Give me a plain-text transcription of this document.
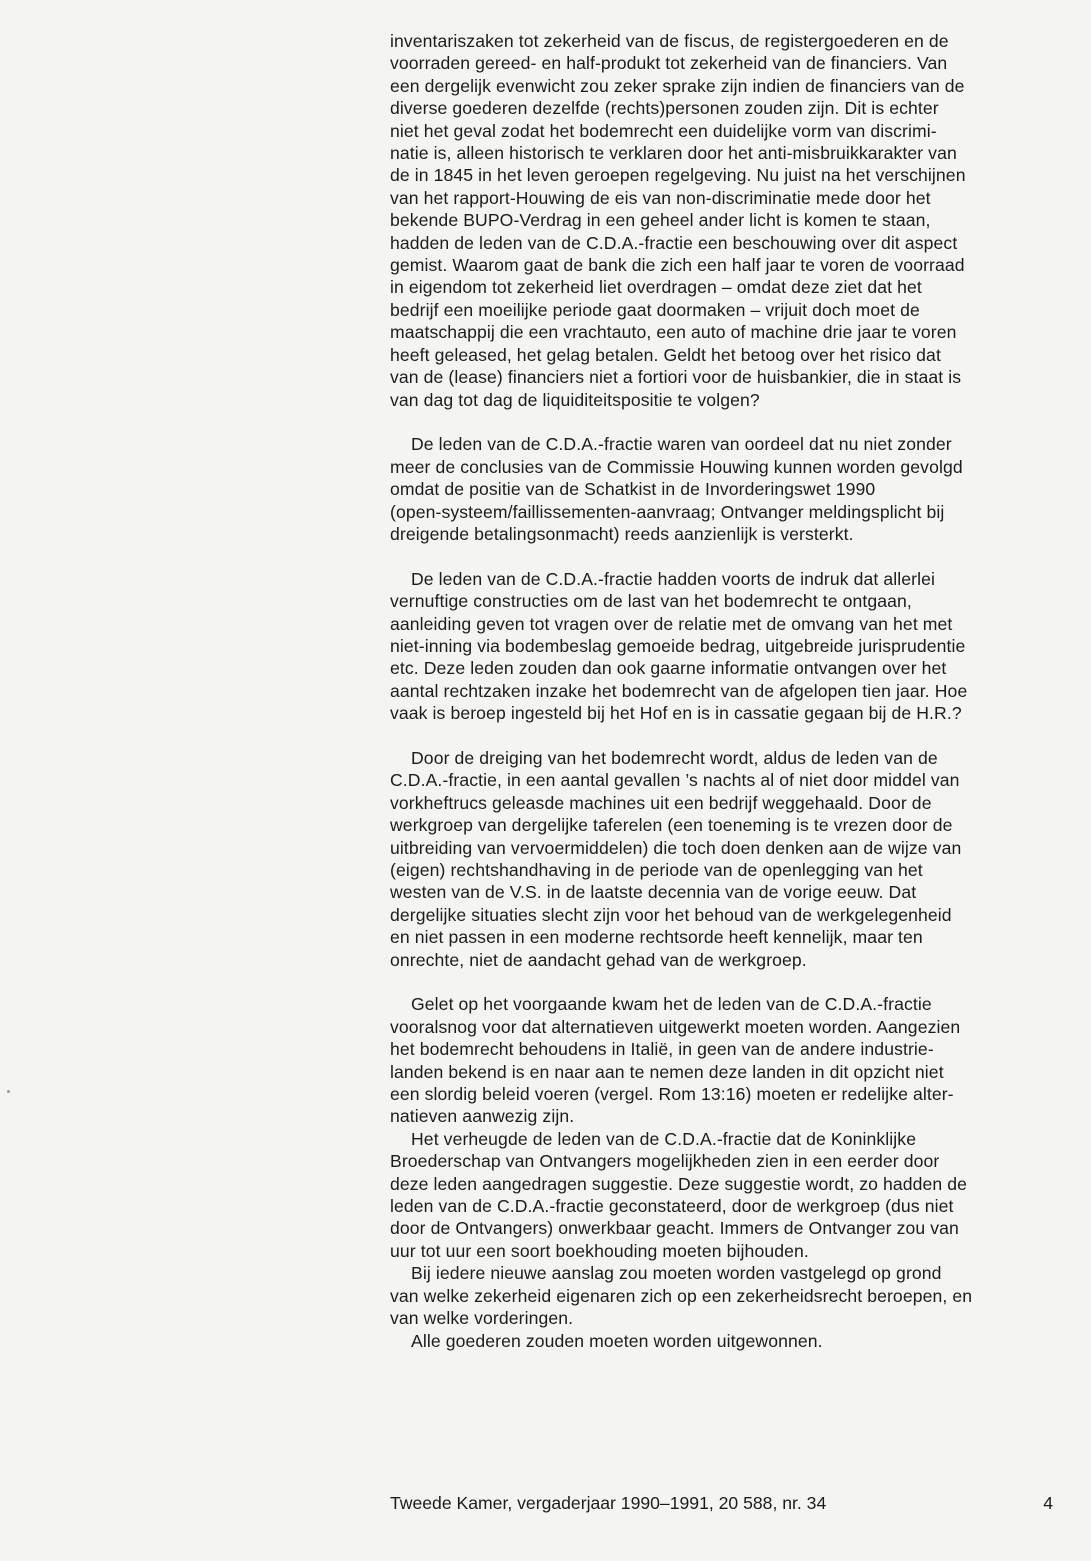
inventariszaken tot zekerheid van de fiscus, de registergoederen en de
voorraden gereed- en half-produkt tot zekerheid van de financiers. Van
een dergelijk evenwicht zou zeker sprake zijn indien de financiers van de
diverse goederen dezelfde (rechts)personen zouden zijn. Dit is echter
niet het geval zodat het bodemrecht een duidelijke vorm van discrimi-
natie is, alleen historisch te verklaren door het anti-misbruikkarakter van
de in 1845 in het leven geroepen regelgeving. Nu juist na het verschijnen
van het rapport-Houwing de eis van non-discriminatie mede door het
bekende BUPO-Verdrag in een geheel ander licht is komen te staan,
hadden de leden van de C.D.A.-fractie een beschouwing over dit aspect
gemist. Waarom gaat de bank die zich een half jaar te voren de voorraad
in eigendom tot zekerheid liet overdragen – omdat deze ziet dat het
bedrijf een moeilijke periode gaat doormaken – vrijuit doch moet de
maatschappij die een vrachtauto, een auto of machine drie jaar te voren
heeft geleased, het gelag betalen. Geldt het betoog over het risico dat
van de (lease) financiers niet a fortiori voor de huisbankier, die in staat is
van dag tot dag de liquiditeitspositie te volgen?
De leden van de C.D.A.-fractie waren van oordeel dat nu niet zonder
meer de conclusies van de Commissie Houwing kunnen worden gevolgd
omdat de positie van de Schatkist in de Invorderingswet 1990
(open-systeem/faillissementen-aanvraag; Ontvanger meldingsplicht bij
dreigende betalingsonmacht) reeds aanzienlijk is versterkt.
De leden van de C.D.A.-fractie hadden voorts de indruk dat allerlei
vernuftige constructies om de last van het bodemrecht te ontgaan,
aanleiding geven tot vragen over de relatie met de omvang van het met
niet-inning via bodembeslag gemoeide bedrag, uitgebreide jurisprudentie
etc. Deze leden zouden dan ook gaarne informatie ontvangen over het
aantal rechtzaken inzake het bodemrecht van de afgelopen tien jaar. Hoe
vaak is beroep ingesteld bij het Hof en is in cassatie gegaan bij de H.R.?
Door de dreiging van het bodemrecht wordt, aldus de leden van de
C.D.A.-fractie, in een aantal gevallen ’s nachts al of niet door middel van
vorkheftrucs geleasde machines uit een bedrijf weggehaald. Door de
werkgroep van dergelijke taferelen (een toeneming is te vrezen door de
uitbreiding van vervoermiddelen) die toch doen denken aan de wijze van
(eigen) rechtshandhaving in de periode van de openlegging van het
westen van de V.S. in de laatste decennia van de vorige eeuw. Dat
dergelijke situaties slecht zijn voor het behoud van de werkgelegenheid
en niet passen in een moderne rechtsorde heeft kennelijk, maar ten
onrechte, niet de aandacht gehad van de werkgroep.
Gelet op het voorgaande kwam het de leden van de C.D.A.-fractie
vooralsnog voor dat alternatieven uitgewerkt moeten worden. Aangezien
het bodemrecht behoudens in Italië, in geen van de andere industrie-
landen bekend is en naar aan te nemen deze landen in dit opzicht niet
een slordig beleid voeren (vergel. Rom 13:16) moeten er redelijke alter-
natieven aanwezig zijn.
Het verheugde de leden van de C.D.A.-fractie dat de Koninklijke
Broederschap van Ontvangers mogelijkheden zien in een eerder door
deze leden aangedragen suggestie. Deze suggestie wordt, zo hadden de
leden van de C.D.A.-fractie geconstateerd, door de werkgroep (dus niet
door de Ontvangers) onwerkbaar geacht. Immers de Ontvanger zou van
uur tot uur een soort boekhouding moeten bijhouden.
Bij iedere nieuwe aanslag zou moeten worden vastgelegd op grond
van welke zekerheid eigenaren zich op een zekerheidsrecht beroepen, en
van welke vorderingen.
Alle goederen zouden moeten worden uitgewonnen.
Tweede Kamer, vergaderjaar 1990–1991, 20 588, nr. 34	4
